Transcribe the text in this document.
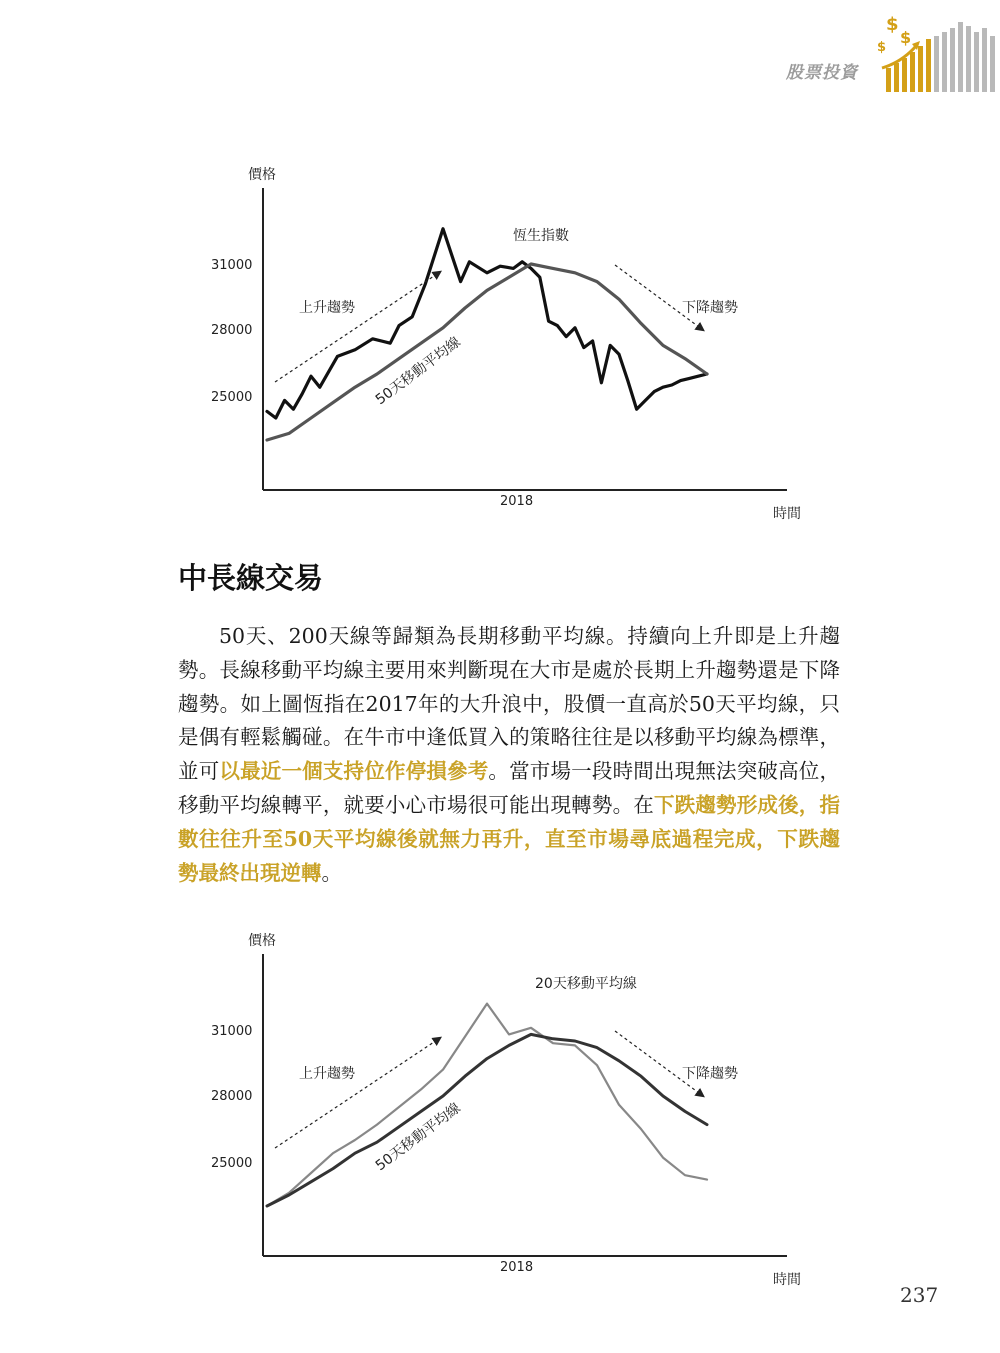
股票投資
$
$
$
價格
時間
2018
31000
28000
25000
上升趨勢	下降趨勢
恆生指數
50天移動平均線
中長線交易

50天、200天線等歸類為長期移動平均線。持續向上升即是上升趨勢。長線移動平均線主要用來判斷現在大市是處於長期上升趨勢還是下降趨勢。如上圖恆指在2017年的大升浪中，股價一直高於50天平均線，只是偶有輕鬆觸碰。在牛市中逢低買入的策略往往是以移動平均線為標準，並可以最近一個支持位作停損參考。當市場一段時間出現無法突破高位，移動平均線轉平，就要小心市場很可能出現轉勢。在下跌趨勢形成後，指數往往升至50天平均線後就無力再升，直至市場尋底過程完成，下跌趨勢最終出現逆轉。

價格
時間
2018
31000
28000
25000
上升趨勢	下降趨勢
20天移動平均線
50天移動平均線
237
